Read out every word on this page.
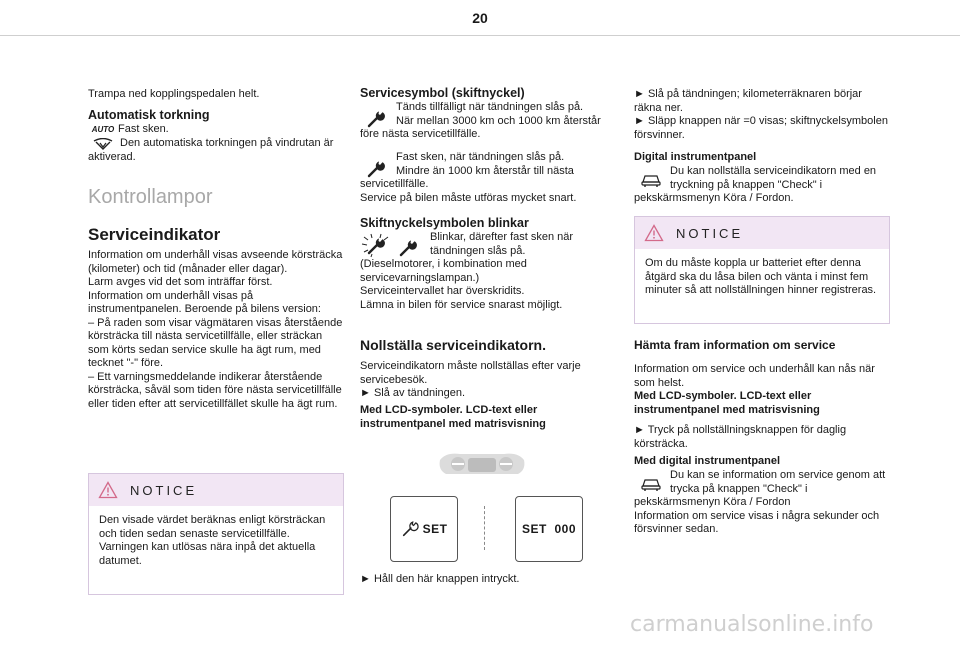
20

Trampa ned kopplingspedalen helt.

Automatisk torkning

AUTO Fast sken.

Den automatiska torkningen på vindrutan är aktiverad.

Kontrollampor

Serviceindikator

Information om underhåll visas avseende körsträcka (kilometer) och tid (månader eller dagar).
Larm avges vid det som inträffar först.
Information om underhåll visas på instrumentpanelen. Beroende på bilens version:
– På raden som visar vägmätaren visas återstående körsträcka till nästa servicetillfälle, eller sträckan som körts sedan service skulle ha ägt rum, med tecknet "-" före.
– Ett varningsmeddelande indikerar återstående körsträcka, såväl som tiden före nästa servicetillfälle eller tiden efter att servicetillfället skulle ha ägt rum.

NOTICE

Den visade värdet beräknas enligt körsträckan och tiden sedan senaste servicetillfälle.
Varningen kan utlösas nära inpå det aktuella datumet.

Servicesymbol (skiftnyckel)

Tänds tillfälligt när tändningen slås på.

När mellan 3000 km och 1000 km återstår före nästa servicetillfälle.

Fast sken, när tändningen slås på.

Mindre än 1000 km återstår till nästa servicetillfälle.
Service på bilen måste utföras mycket snart.

Skiftnyckelsymbolen blinkar

Blinkar, därefter fast sken när tändningen slås på.

(Dieselmotorer, i kombination med servicevarningslampan.)
Serviceintervallet har överskridits.
Lämna in bilen för service snarast möjligt.

Nollställa serviceindikatorn.

Serviceindikatorn måste nollställas efter varje servicebesök.
► Slå av tändningen.

Med LCD-symboler. LCD-text eller instrumentpanel med matrisvisning

SET	SET  000

► Håll den här knappen intryckt.

► Slå på tändningen; kilometerräknaren börjar räkna ner.
► Släpp knappen när =0 visas; skiftnyckelsymbolen försvinner.

Digital instrumentpanel

Du kan nollställa serviceindikatorn med en tryckning på knappen "Check" i

pekskärmsmenyn Köra / Fordon.

NOTICE

Om du måste koppla ur batteriet efter denna åtgärd ska du låsa bilen och vänta i minst fem minuter så att nollställningen hinner registreras.

Hämta fram information om service

Information om service och underhåll kan nås när som helst.

Med LCD-symboler. LCD-text eller instrumentpanel med matrisvisning

► Tryck på nollställningsknappen för daglig körsträcka.

Med digital instrumentpanel

Du kan se information om service genom att trycka på knappen "Check" i

pekskärmsmenyn Köra / Fordon
Information om service visas i några sekunder och försvinner sedan.

carmanualsonline.info
